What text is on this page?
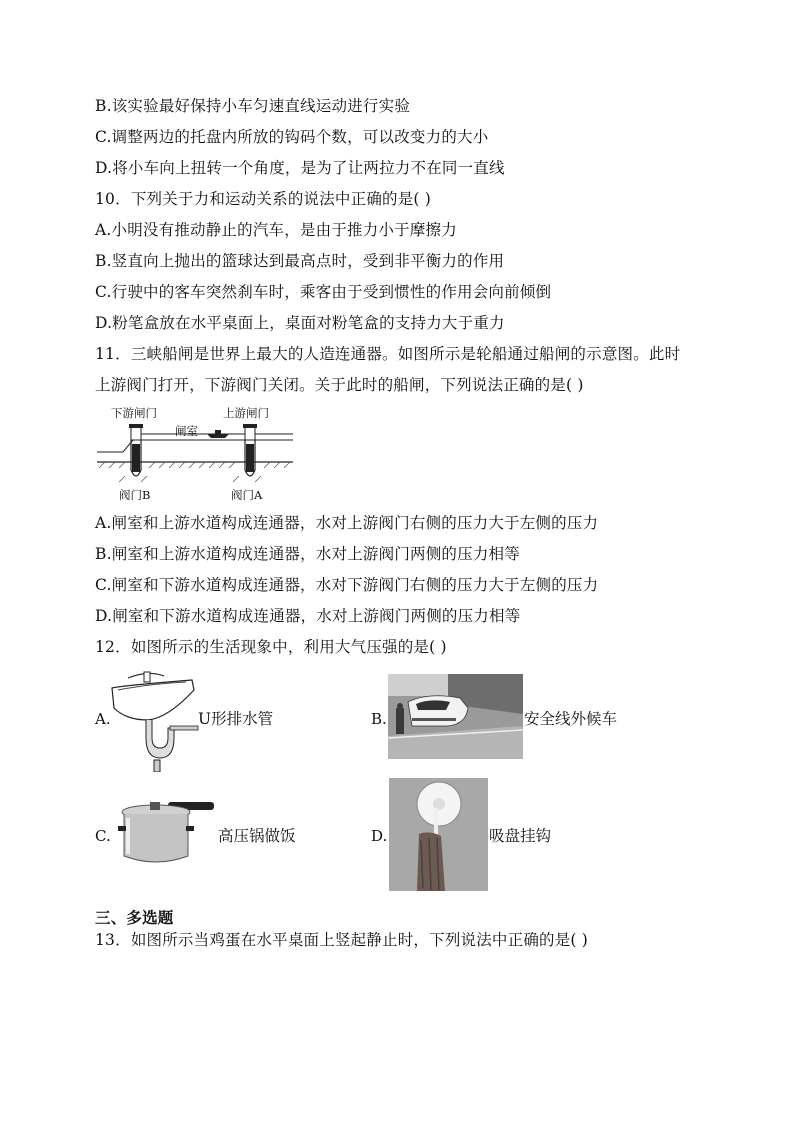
B.该实验最好保持小车匀速直线运动进行实验
C.调整两边的托盘内所放的钩码个数，可以改变力的大小
D.将小车向上扭转一个角度，是为了让两拉力不在同一直线
10．下列关于力和运动关系的说法中正确的是( )
A.小明没有推动静止的汽车，是由于推力小于摩擦力
B.竖直向上抛出的篮球达到最高点时，受到非平衡力的作用
C.行驶中的客车突然刹车时，乘客由于受到惯性的作用会向前倾倒
D.粉笔盒放在水平桌面上，桌面对粉笔盒的支持力大于重力
11．三峡船闸是世界上最大的人造连通器。如图所示是轮船通过船闸的示意图。此时
上游阀门打开，下游阀门关闭。关于此时的船闸，下列说法正确的是( )
下游闸门	上游闸门
闸室
阀门B	阀门A
A.闸室和上游水道构成连通器，水对上游阀门右侧的压力大于左侧的压力
B.闸室和上游水道构成连通器，水对上游阀门两侧的压力相等
C.闸室和下游水道构成连通器，水对下游阀门右侧的压力大于左侧的压力
D.闸室和下游水道构成连通器，水对上游阀门两侧的压力相等
12．如图所示的生活现象中，利用大气压强的是( )
A.	U形排水管	B.	安全线外候车
C.	高压锅做饭	D.	吸盘挂钩
三、多选题
13．如图所示当鸡蛋在水平桌面上竖起静止时，下列说法中正确的是( )
